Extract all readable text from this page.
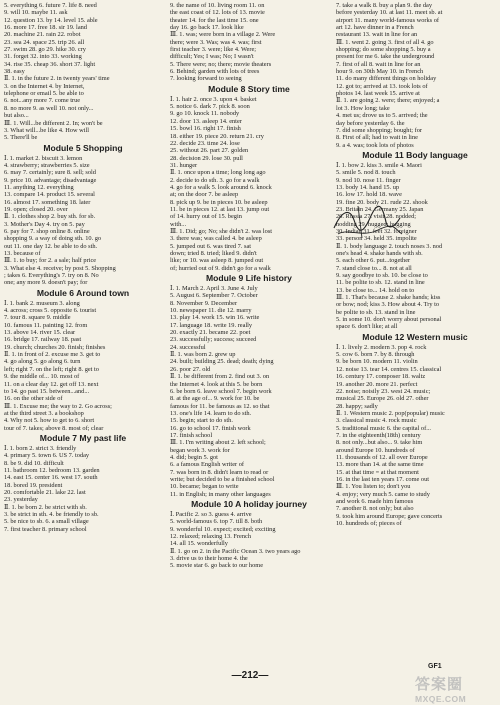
5. everything 6. future 7. life 8. need
9. will 10. maybe 11. ask
12. question 13. by 14. level 15. able
16. more 17. free 18. sir 19. land
20. machine 21. rain 22. robot
23. sea 24. space 25. trip 26. all
27. swim 28. go 29. hike 30. cry
31. forget 32. into 33. working
34. rise 35. cheap 36. short 37. light
38. easy
Ⅱ. 1. in the future 2. in twenty years' time
3. on the Internet 4. by Internet,
telephone or email 5. be able to
6. not...any more 7. come true
8. no more 9. as well 10. not only...
but also...
Ⅲ. 1. Will...be different 2. In; won't be
3. What will...be like 4. How will
5. There'll be
Module 5 Shopping
Ⅰ. 1. market 2. biscuit 3. lemon
4. strawberry; strawberries 5. size
6. may 7. certainly; sure 8. sell; sold
9. price 10. advantage; disadvantage
11. anything 12. everything
13. compare 14. product 15. several
16. almost 17. something 18. later
19. open; closed 20. over
Ⅱ. 1. clothes shop 2. buy sth. for sb.
3. Mother's Day 4. try on 5. pay
6. pay for 7. shop online 8. online
shopping 9. a way of doing sth. 10. go
out 11. one day 12. be able to do sth.
13. because of
Ⅲ. 1. to buy; for 2. a sale; half price
3. What else 4. receive; by post 5. Shopping
; takes 6. Everything's 7. try on 8. No
one; any more 9. doesn't pay; for
Module 6 Around town
Ⅰ. 1. bank 2. museum 3. along
4. across; cross 5. opposite 6. tourist
7. tour 8. square 9. middle
10. famous 11. painting 12. from
13. above 14. river 15. clear
16. bridge 17. railway 18. past
19. church; churches 20. finish; finishes
Ⅱ. 1. in front of 2. excuse me 3. get to
4. go along 5. go along 6. turn
left; right 7. on the left; right 8. get to
9. the middle of... 10. most of
11. on a clear day 12. get off 13. next
to 14. go past 15. between...and...
16. on the other side of
Ⅲ. 1. Excuse me; the way to 2. Go across;
at the third street 3. a bookshop
4. Why not 5. how to get to 6. short
tour of 7. takes; above 8. most of; clear
Module 7 My past life
Ⅰ. 1. born 2. strict 3. friendly
4. primary 5. town 6. US 7. today
8. be 9. did 10. difficult
11. bathroom 12. bedroom 13. garden
14. east 15. center 16. west 17. south
18. bored 19. president
20. comfortable 21. lake 22. last
23. yesterday
Ⅱ. 1. be born 2. be strict with sb.
3. be strict in sth. 4. be friendly to sb.
5. be nice to sb. 6. a small village
7. first teacher 8. primary school
9. the name of 10. living room 11. on
the east coast of 12. lots of 13. movie
theater 14. for the last time 15. one
day 16. go back 17. look like
Ⅲ. 1. was; were born in a village 2. Were
there; were 3. Was; was 4. was; first
first teacher 3. were; like 4. Were;
difficult; Yes; I was; No; I wasn't
5. There were; no; there; movie theaters
6. Behind; garden with lots of trees
7. looking forward to seeing
Module 8 Story time
Ⅰ. 1. hair 2. once 3. upon 4. basket
5. notice 6. dark 7. pick 8. soon
9. go 10. knock 11. nobody
12. door 13. asleep 14. enter
15. bowl 16. right 17. finish
18. either 19. piece 20. return 21. cry
22. decide 23. time 24. lose
25. without 26. part 27. golden
28. decision 29. lose 30. pull
31. hunger
Ⅱ. 1. once upon a time; long long ago
2. decide to do sth. 3. go for a walk
4. go for a walk 5. look around 6. knock
at; on the door 7. be asleep
8. pick up 9. be in pieces 10. be asleep
11. be in pieces 12. at last 13. jump out
of 14. hurry out of 15. begin
with...
Ⅲ. 1. Did; go; No; she didn't 2. was lost
3. there was; was called 4. be asleep
5. jumped out 6. was tired 7. sat
down; tried 8. tried; liked 9. didn't
like; or 10. was asleep 8. jumped out
of; hurried out of 9. didn't go for a walk
Module 9 Life history
Ⅰ. 1. March 2. April 3. June 4. July
5. August 6. September 7. October
8. November 9. December
10. newspaper 11. die 12. marry
13. play 14. work 15. win 16. write
17. language 18. write 19. really
20. exactly 21. became 22. poet
23. successfully; success; succeed
24. successful
Ⅱ. 1. was born 2. grew up
24. built; building 25. dead; death; dying
26. poor 27. old
Ⅱ. 1. be different from 2. find out 3. on
the Internet 4. look at this 5. be born
6. be born 6. leave school 7. begin work
8. at the age of... 9. work for 10. be
famous for 11. be famous as 12. so that
13. one's life 14. learn to do sth.
15. begin; start to do sth.
16. go to school 17. finish work
17. finish school
Ⅲ. 1. I'm writing about 2. left school;
began work 3. work for
4. did; begin 5. got
6. a famous English writer of
7. was born in 8. didn't learn to read or
write; but decided to be a finished school
10. became; began to write
11. in English; in many other languages
Module 10 A holiday journey
Ⅰ. Pacific 2. so 3. guess 4. arrive
5. world-famous 6. top 7. till 8. both
9. wonderful 10. expect; excited; exciting
12. relaxed; relaxing 13. French
14. all 15. wonderfully
Ⅱ. 1. go on 2. in the Pacific Ocean 3. two years ago
3. drive us to their home 4. the
5. movie star 6. go back to our home
7. take a walk 8. buy a plan 9. the day
before yesterday 10. at last 11. meet sb. at
airport 11. many world-famous works of
art 12. have dinner in a French
restaurant 13. wait in line for an
Ⅲ. 1. went 2. going 3. first of all 4. go
shopping; do some shopping 5. buy a
present for me 6. take the underground
7. first of all 8. wait in line for an
hour 9. on 30th May 10. in French
11. do many different things on holiday
12. got to; arrived at 13. took lots of
photos 14. last week 15. arrive at
Ⅱ. 1. are going 2. were; there; enjoyed; a
lot 3. How long; take
4. met us; drove us to 5. arrived; the
day before yesterday 6. the
7. did some shopping; bought; for
8. First of all; had to wait in line
9. a 4. was; took lots of photos
Module 11 Body language
Ⅰ. 1. bow 2. kiss 3. smile 4. Maori
5. smile 5. nod 8. touch
9. nod 10. nose 11. finger
13. body 14. hand 15. up
16. low 17. hold 18. wave
19. fine 20. body 21. rude 22. shook
23. Britain 24. Germany 25. Japan
26. Russia 27. visit 28. nodded;
nodding 29. hugged; hugging
30. Indian 31. feet 32. foreigner
33. person 34. held 35. impolite
Ⅱ. 1. body language 2. touch noses 3. nod
one's head 4. shake hands with sb.
5. each other 6. put...together
7. stand close to... 8. not at all
9. say goodbye to sb. 10. be close to
11. be polite to sb. 12. stand in line
13. be close to... 14. hold on to
Ⅲ. 1. That's because 2. shake hands; kiss
or bow; nod; kiss 3. How about 4. Try to
be polite to sb. 13. stand in line
5. in some 10. don't worry about personal
space 6. don't like; at all
Module 12 Western music
Ⅰ. 1. lively 2. modern 3. pop 4. rock
5. cow 6. born 7. by 8. through
9. be born 10. modern 11. violin
12. noise 13. tear 14. centres 15. classical
16. century 17. composer 18. waltz
19. another 20. more 21. perfect
22. noise; noisily 23. west 24. music;
musical 25. Europe 26. old 27. other
28. happy; sadly
Ⅱ. 1. Western music 2. pop(popular) music
3. classical music 4. rock music
5. traditional music 6. the capital of...
7. in the eighteenth(18th) century
8. not only...but also... 9. take him
around Europe 10. hundreds of
11. thousands of 12. all over Europe
13. more than 14. at the same time
15. at that time = at that moment
16. in the last ten years 17. come out
Ⅲ. 1. You listen to; don't you
4. enjoy; very much 5. came to study
and work 6. made him famous
7. another 8. not only; but also
9. took him around Europe; gave concerts
10. hundreds of; pieces of
GF1
—212—
答案圈
MXQE.COM
